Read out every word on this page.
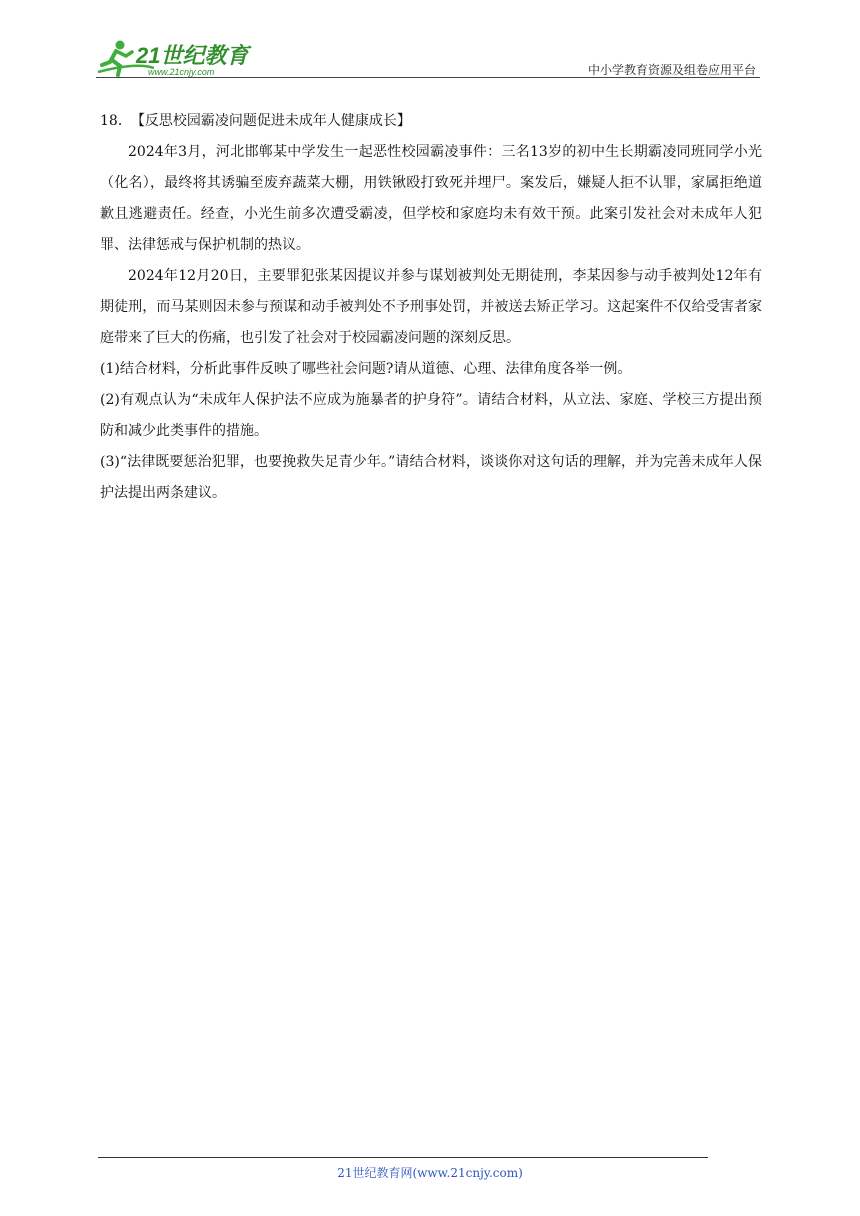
21世纪教育
www.21cnjy.com	中小学教育资源及组卷应用平台

18． 【反思校园霸凌问题促进未成年人健康成长】

2024年3月，河北邯郸某中学发生一起恶性校园霸凌事件：三名13岁的初中生长期霸凌同班同学小光（化名），最终将其诱骗至废弃蔬菜大棚，用铁锹殴打致死并埋尸。案发后，嫌疑人拒不认罪，家属拒绝道歉且逃避责任。经查，小光生前多次遭受霸凌，但学校和家庭均未有效干预。此案引发社会对未成年人犯罪、法律惩戒与保护机制的热议。

2024年12月20日，主要罪犯张某因提议并参与谋划被判处无期徒刑，李某因参与动手被判处12年有期徒刑，而马某则因未参与预谋和动手被判处不予刑事处罚，并被送去矫正学习。这起案件不仅给受害者家庭带来了巨大的伤痛，也引发了社会对于校园霸凌问题的深刻反思。

(1)结合材料，分析此事件反映了哪些社会问题?请从道德、心理、法律角度各举一例。

(2)有观点认为“未成年人保护法不应成为施暴者的护身符”。请结合材料，从立法、家庭、学校三方提出预防和减少此类事件的措施。

(3)“法律既要惩治犯罪，也要挽救失足青少年。”请结合材料，谈谈你对这句话的理解，并为完善未成年人保护法提出两条建议。

21世纪教育网(www.21cnjy.com)
